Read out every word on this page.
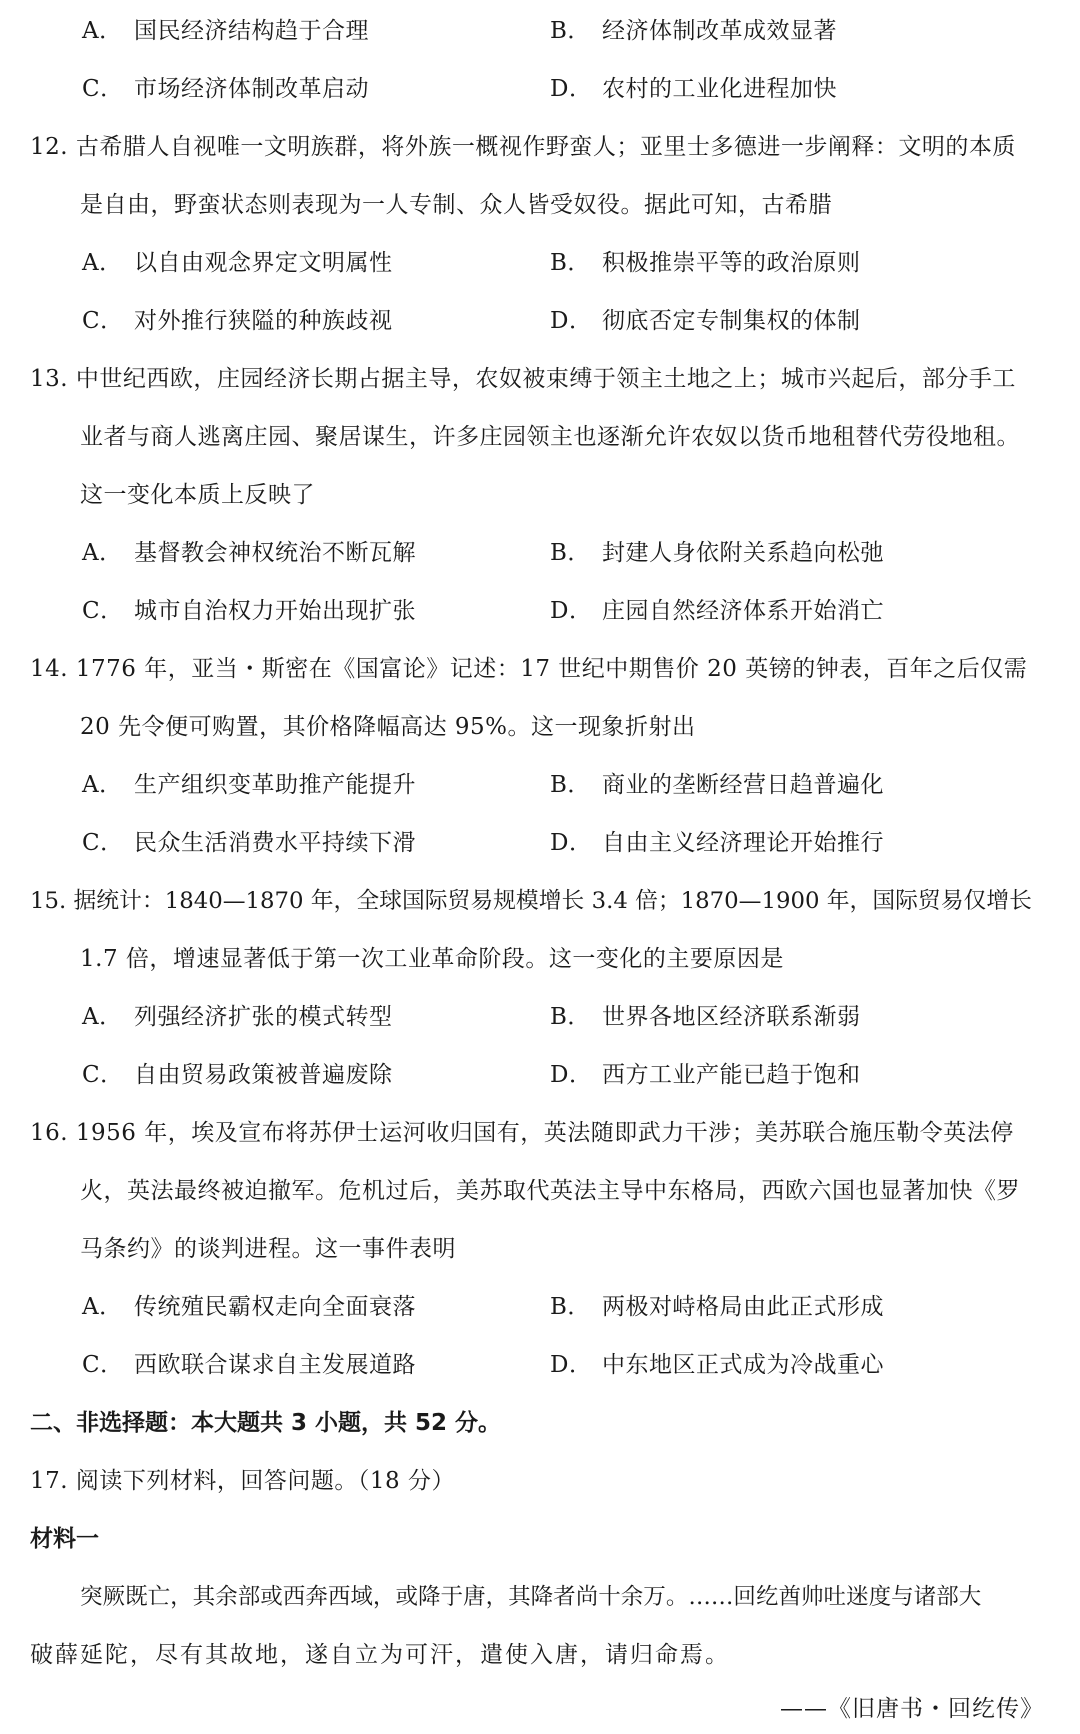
A． 国民经济结构趋于合理	B． 经济体制改革成效显著
C． 市场经济体制改革启动	D． 农村的工业化进程加快
12. 古希腊人自视唯一文明族群，将外族一概视作野蛮人；亚里士多德进一步阐释：文明的本质
是自由，野蛮状态则表现为一人专制、众人皆受奴役。据此可知，古希腊
A． 以自由观念界定文明属性	B． 积极推崇平等的政治原则
C． 对外推行狭隘的种族歧视	D． 彻底否定专制集权的体制
13. 中世纪西欧，庄园经济长期占据主导，农奴被束缚于领主土地之上；城市兴起后，部分手工
业者与商人逃离庄园、聚居谋生，许多庄园领主也逐渐允许农奴以货币地租替代劳役地租。
这一变化本质上反映了
A． 基督教会神权统治不断瓦解	B． 封建人身依附关系趋向松弛
C． 城市自治权力开始出现扩张	D． 庄园自然经济体系开始消亡
14. 1776 年，亚当・斯密在《国富论》记述：17 世纪中期售价 20 英镑的钟表，百年之后仅需
20 先令便可购置，其价格降幅高达 95%。这一现象折射出
A． 生产组织变革助推产能提升	B． 商业的垄断经营日趋普遍化
C． 民众生活消费水平持续下滑	D． 自由主义经济理论开始推行
15. 据统计：1840—1870 年，全球国际贸易规模增长 3.4 倍；1870—1900 年，国际贸易仅增长
1.7 倍，增速显著低于第一次工业革命阶段。这一变化的主要原因是
A． 列强经济扩张的模式转型	B． 世界各地区经济联系渐弱
C． 自由贸易政策被普遍废除	D． 西方工业产能已趋于饱和
16. 1956 年，埃及宣布将苏伊士运河收归国有，英法随即武力干涉；美苏联合施压勒令英法停
火，英法最终被迫撤军。危机过后，美苏取代英法主导中东格局，西欧六国也显著加快《罗
马条约》的谈判进程。这一事件表明
A． 传统殖民霸权走向全面衰落	B． 两极对峙格局由此正式形成
C． 西欧联合谋求自主发展道路	D． 中东地区正式成为冷战重心
二、非选择题：本大题共 3 小题，共 52 分。
17. 阅读下列材料，回答问题。（18 分）
材料一
突厥既亡，其余部或西奔西域，或降于唐，其降者尚十余万。……回纥酋帅吐迷度与诸部大
破薛延陀，尽有其故地，遂自立为可汗，遣使入唐，请归命焉。
——《旧唐书・回纥传》
